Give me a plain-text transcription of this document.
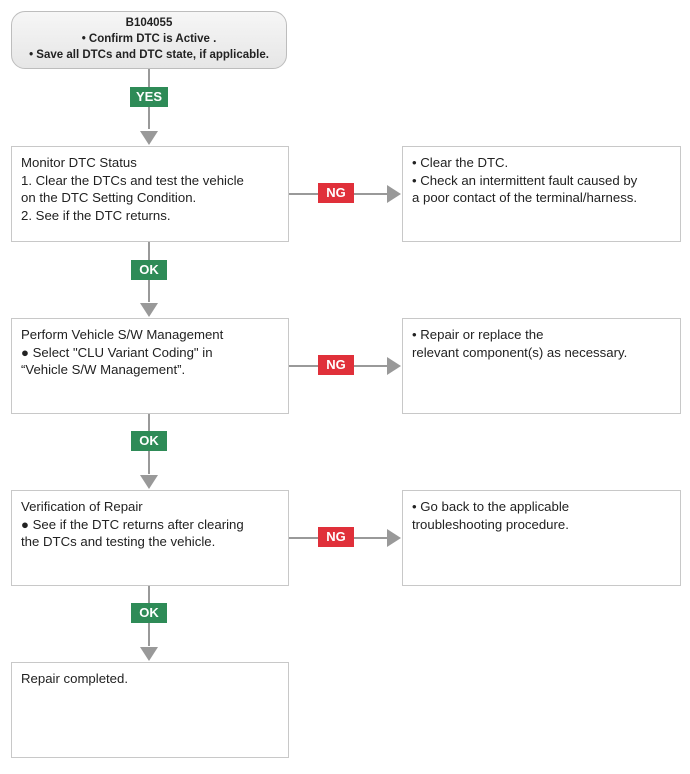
B104055
• Confirm DTC is Active .
• Save all DTCs and DTC state, if applicable.
YES
Monitor DTC Status
1. Clear the DTCs and test the vehicle
on the DTC Setting Condition.
2. See if the DTC returns.
NG
• Clear the DTC.
• Check an intermittent fault caused by
a poor contact of the terminal/harness.
OK
Perform Vehicle S/W Management
● Select "CLU Variant Coding" in
“Vehicle S/W Management”.	NG
• Repair or replace the
relevant component(s) as necessary.
OK
Verification of Repair
● See if the DTC returns after clearing
the DTCs and testing the vehicle.	NG
• Go back to the applicable
troubleshooting procedure.
OK
Repair completed.
